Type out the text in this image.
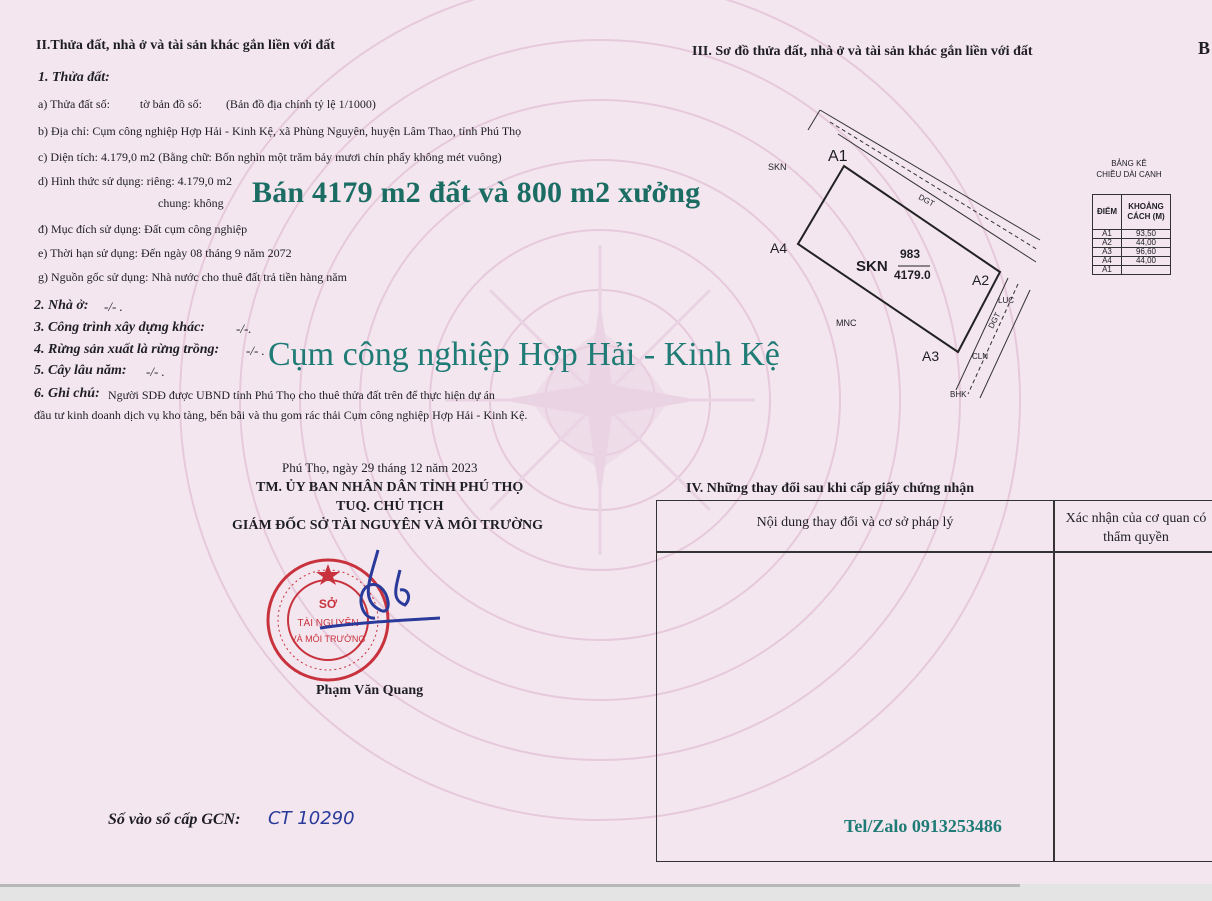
II.Thửa đất, nhà ở và tài sản khác gắn liền với đất
1. Thửa đất:
a) Thửa đất số:          tờ bản đồ số:        (Bản đồ địa chính tỷ lệ 1/1000)
b) Địa chỉ: Cụm công nghiệp Hợp Hải - Kinh Kệ, xã Phùng Nguyên, huyện Lâm Thao, tỉnh Phú Thọ
c) Diện tích: 4.179,0 m2 (Bằng chữ: Bốn nghìn một trăm bảy mươi chín phẩy không mét vuông)
d) Hình thức sử dụng: riêng: 4.179,0 m2
chung: không
đ) Mục đích sử dụng: Đất cụm công nghiệp
e) Thời hạn sử dụng: Đến ngày 08 tháng 9 năm 2072
g) Nguồn gốc sử dụng: Nhà nước cho thuê đất trả tiền hàng năm
2. Nhà ở: -/- .
3. Công trình xây dựng khác: -/-.
4. Rừng sản xuất là rừng trồng: -/- .
5. Cây lâu năm: -/- .
6. Ghi chú: Người SDĐ được UBND tỉnh Phú Thọ cho thuê thửa đất trên để thực hiện dự án
đầu tư kinh doanh dịch vụ kho tàng, bến bãi và thu gom rác thải Cụm công nghiệp Hợp Hải - Kinh Kệ.
Phú Thọ, ngày 29 tháng 12 năm 2023
TM. ỦY BAN NHÂN DÂN TỈNH PHÚ THỌ
TUQ. CHỦ TỊCH
GIÁM ĐỐC SỞ TÀI NGUYÊN VÀ MÔI TRƯỜNG
SỞ
TÀI NGUYÊN
VÀ MÔI TRƯỜNG
Phạm Văn Quang
Số vào sổ cấp GCN: CT 10290
III. Sơ đồ thửa đất, nhà ở và tài sản khác gắn liền với đất	B
A1
A2
A3
A4
SKN
983
4179.0
SKN
DGT
MNC
LUC
DGT
CLN
BHK
BẢNG KÊ
CHIỀU DÀI CẠNH
ĐIỂM	KHOẢNG CÁCH (M)
A1	93,50
A2	44,00
A3	96,60
A4	44,00
A1	
IV. Những thay đổi sau khi cấp giấy chứng nhận
Nội dung thay đổi và cơ sở pháp lý	Xác nhận của cơ quan có thẩm quyền
Bán 4179 m2 đất và 800 m2 xưởng
Cụm công nghiệp Hợp Hải - Kinh Kệ
Tel/Zalo 0913253486
